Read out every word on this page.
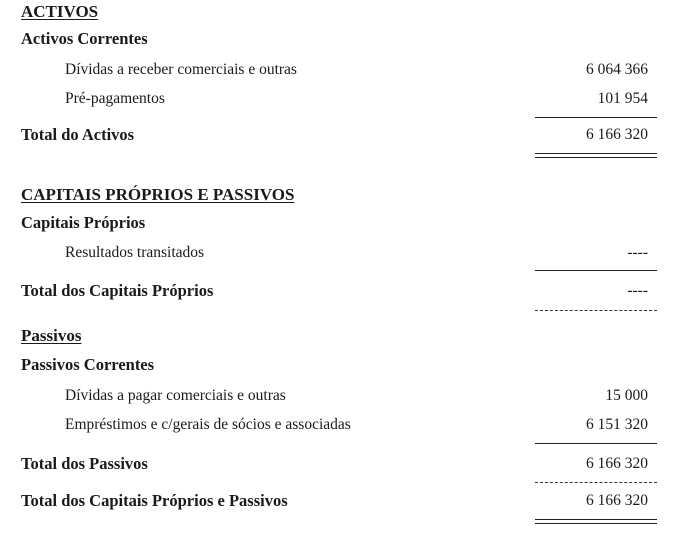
ACTIVOS
Activos Correntes
Dívidas a receber comerciais e outras	6 064 366
Pré-pagamentos	101 954
Total do Activos	6 166 320
CAPITAIS PRÓPRIOS E PASSIVOS
Capitais Próprios
Resultados transitados	----
Total dos Capitais Próprios	----
Passivos
Passivos Correntes
Dívidas a pagar comerciais e outras	15 000
Empréstimos e c/gerais de sócios e associadas	6 151 320
Total dos Passivos	6 166 320
Total dos Capitais Próprios e Passivos	6 166 320
